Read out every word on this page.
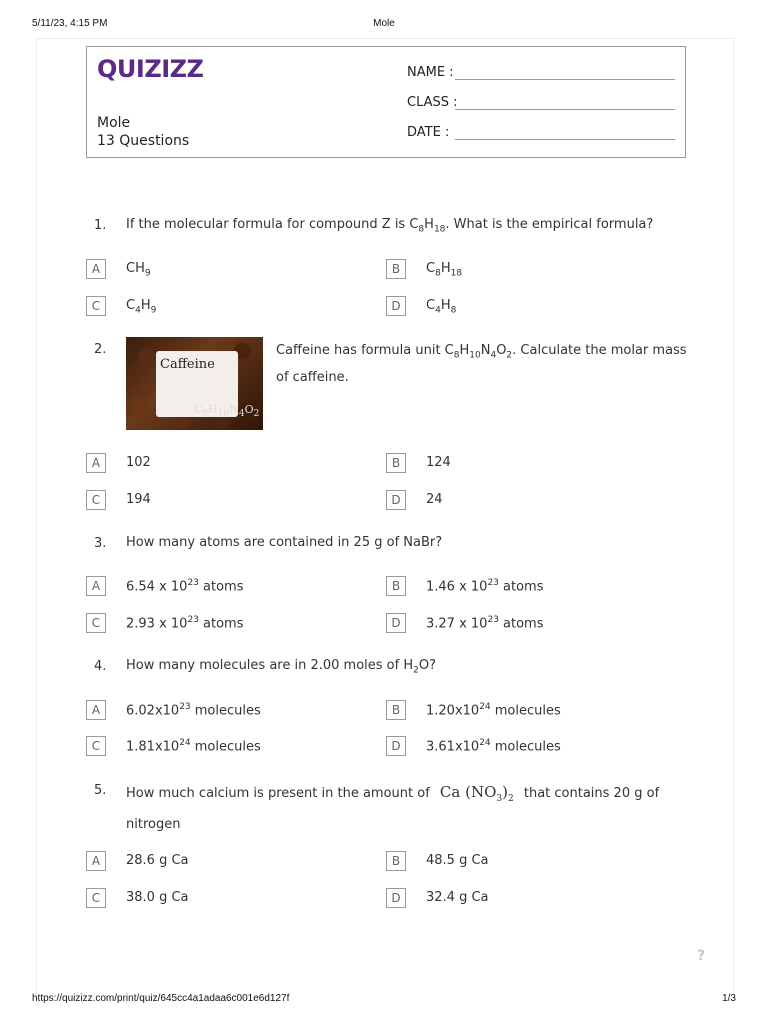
5/11/23, 4:15 PM	Mole
QUIZIZZ
Mole
13 Questions
NAME :
CLASS :
DATE :
1. If the molecular formula for compound Z is $C_8H_{18}$. What is the empirical formula?
A	$CH_9$	B	$C_8H_{18}$
C	$C_4H_9$	D	$C_4H_8$
2.
Caffeine
$C_8H_{10}N_4O_2$
Caffeine has formula unit $C_8H_{10}N_4O_2$. Calculate the molar mass
of caffeine.
A	102	B	124
C	194	D	24
3. How many atoms are contained in 25 g of NaBr?
A	6.54 x $10^{23}$ atoms	B	1.46 x $10^{23}$ atoms
C	2.93 x $10^{23}$ atoms	D	3.27 x $10^{23}$ atoms
4. How many molecules are in 2.00 moles of $H_2O$?
A	$6.02x10^{23}$ molecules	B	$1.20x10^{24}$ molecules
C	$1.81x10^{24}$ molecules	D	$3.61x10^{24}$ molecules
5. How much calcium is present in the amount of Ca $(NO_3)_2$ that contains 20 g of
nitrogen
A	28.6 g Ca	B	48.5 g Ca
C	38.0 g Ca	D	32.4 g Ca
?
https://quizizz.com/print/quiz/645cc4a1adaa6c001e6d127f	1/3
